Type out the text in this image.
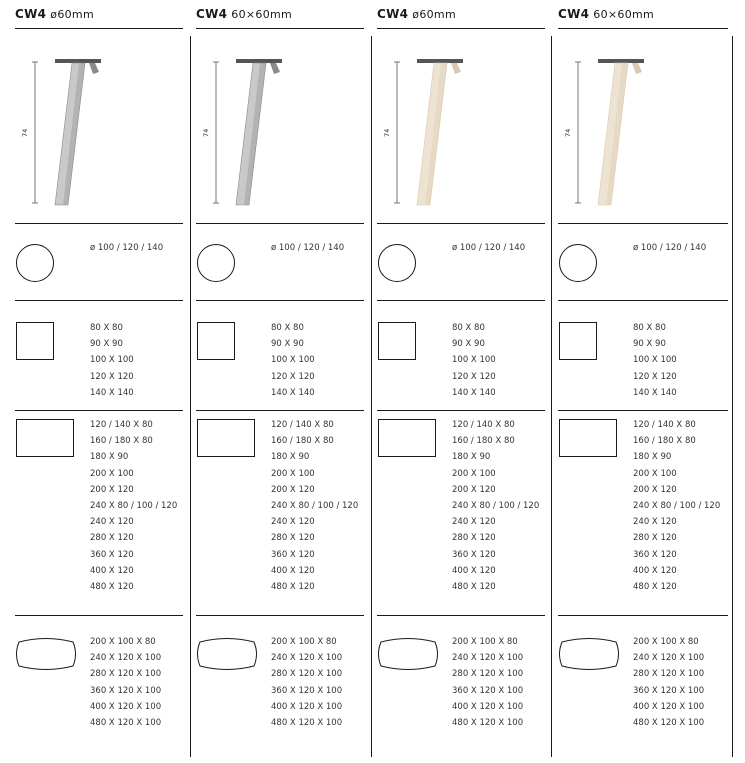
CW4 ø60mm
74
ø 100 / 120 / 140
80 X 80
90 X 90
100 X 100
120 X 120
140 X 140
120 / 140 X 80
160 / 180 X 80
180 X 90
200 X 100
200 X 120
240 X 80 / 100 / 120
240 X 120
280 X 120
360 X 120
400 X 120
480 X 120
200 X 100 X 80
240 X 120 X 100
280 X 120 X 100
360 X 120 X 100
400 X 120 X 100
480 X 120 X 100
CW4 60×60mm
74
ø 100 / 120 / 140
80 X 80
90 X 90
100 X 100
120 X 120
140 X 140
120 / 140 X 80
160 / 180 X 80
180 X 90
200 X 100
200 X 120
240 X 80 / 100 / 120
240 X 120
280 X 120
360 X 120
400 X 120
480 X 120
200 X 100 X 80
240 X 120 X 100
280 X 120 X 100
360 X 120 X 100
400 X 120 X 100
480 X 120 X 100
CW4 ø60mm
74
ø 100 / 120 / 140
80 X 80
90 X 90
100 X 100
120 X 120
140 X 140
120 / 140 X 80
160 / 180 X 80
180 X 90
200 X 100
200 X 120
240 X 80 / 100 / 120
240 X 120
280 X 120
360 X 120
400 X 120
480 X 120
200 X 100 X 80
240 X 120 X 100
280 X 120 X 100
360 X 120 X 100
400 X 120 X 100
480 X 120 X 100
CW4 60×60mm
74
ø 100 / 120 / 140
80 X 80
90 X 90
100 X 100
120 X 120
140 X 140
120 / 140 X 80
160 / 180 X 80
180 X 90
200 X 100
200 X 120
240 X 80 / 100 / 120
240 X 120
280 X 120
360 X 120
400 X 120
480 X 120
200 X 100 X 80
240 X 120 X 100
280 X 120 X 100
360 X 120 X 100
400 X 120 X 100
480 X 120 X 100
